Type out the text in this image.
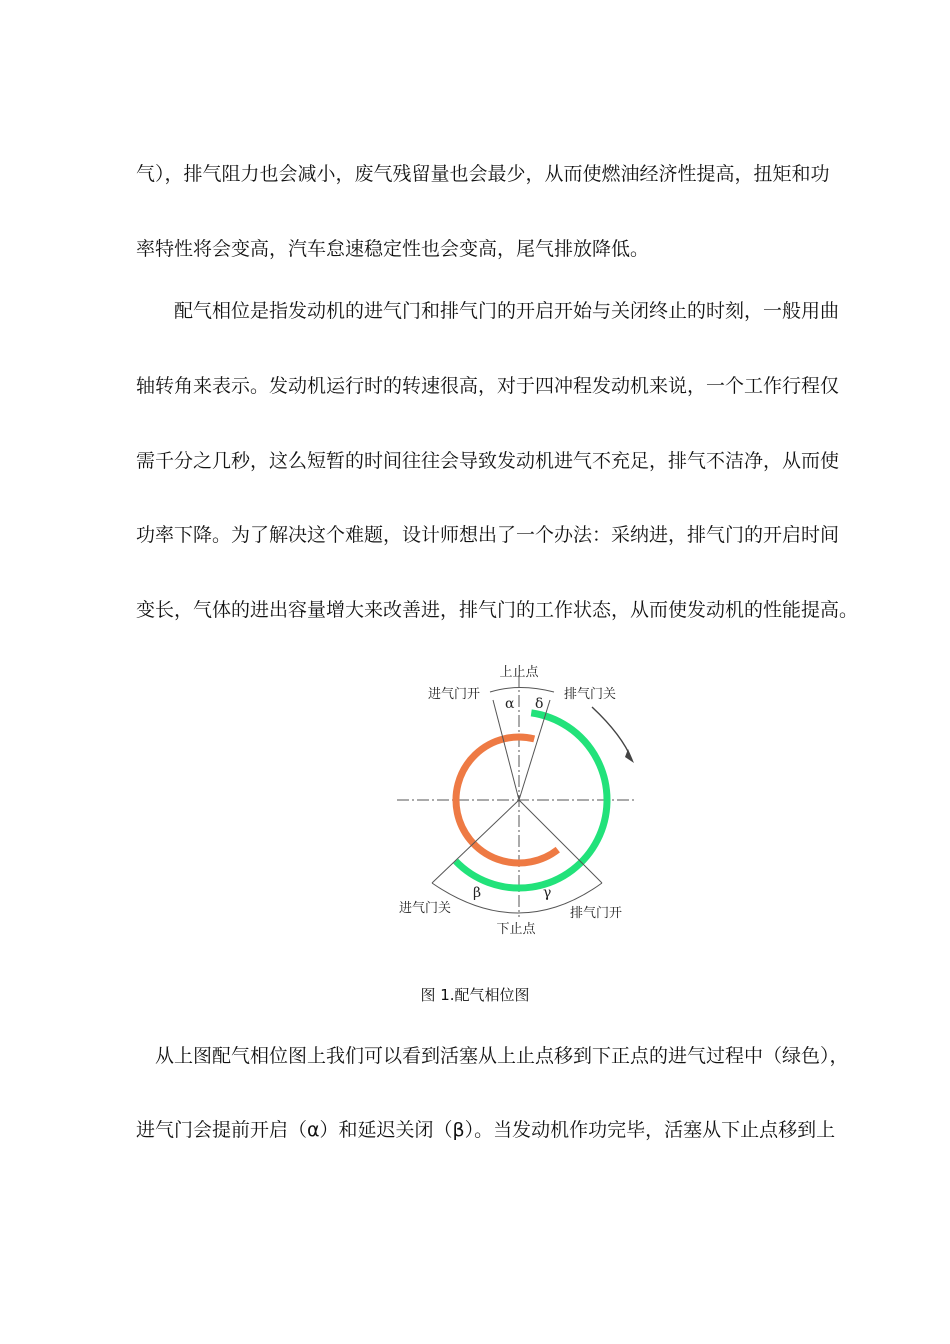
气），排气阻力也会减小，废气残留量也会最少，从而使燃油经济性提高，扭矩和功
率特性将会变高，汽车怠速稳定性也会变高，尾气排放降低。
　　配气相位是指发动机的进气门和排气门的开启开始与关闭终止的时刻，一般用曲
轴转角来表示。发动机运行时的转速很高，对于四冲程发动机来说，一个工作行程仅
需千分之几秒，这么短暂的时间往往会导致发动机进气不充足，排气不洁净，从而使
功率下降。为了解决这个难题，设计师想出了一个办法：采纳进，排气门的开启时间
变长，气体的进出容量增大来改善进，排气门的工作状态，从而使发动机的性能提高。
上止点
进气门开	排气门关
α δ
β	γ
进气门关	排气门开
下止点
图 1.配气相位图
　从上图配气相位图上我们可以看到活塞从上止点移到下正点的进气过程中（绿色），
进气门会提前开启（α）和延迟关闭（β）。当发动机作功完毕，活塞从下止点移到上
